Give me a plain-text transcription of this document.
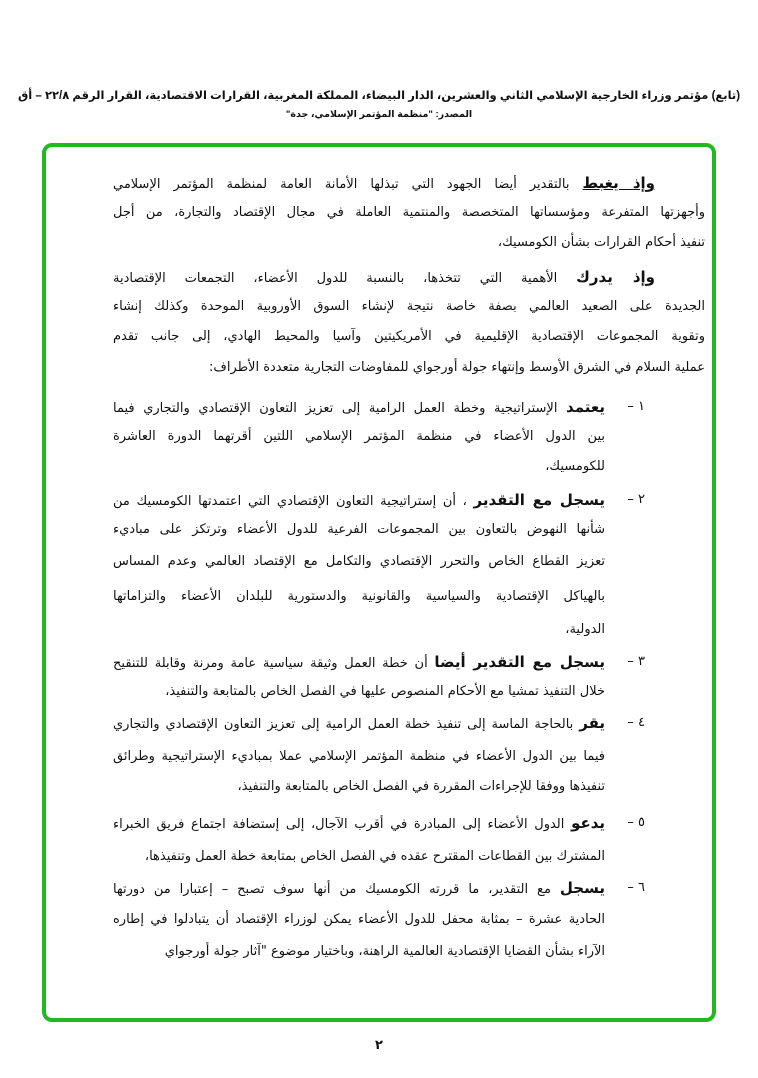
(تابع) مؤتمر وزراء الخارجية الإسلامي الثاني والعشرين، الدار البيضاء، المملكة المغربية، القرارات الاقتصادية، القرار الرقم ٢٢/٨ – أق
المصدر: "منظمة المؤتمر الإسلامي، جدة"
وإذ يغبط بالتقدير أيضا الجهود التي تبذلها الأمانة العامة لمنظمة المؤتمر الإسلامي
وأجهزتها المتفرعة ومؤسساتها المتخصصة والمنتمية العاملة في مجال الإقتصاد والتجارة، من أجل
تنفيذ أحكام القرارات بشأن الكومسيك،
وإذ يدرك الأهمية التي تتخذها، بالنسبة للدول الأعضاء، التجمعات الإقتصادية
الجديدة على الصعيد العالمي بصفة خاصة نتيجة لإنشاء السوق الأوروبية الموحدة وكذلك إنشاء
وتقوية المجموعات الإقتصادية الإقليمية في الأمريكيتين وآسيا والمحيط الهادي، إلى جانب تقدم
عملية السلام في الشرق الأوسط وإنتهاء جولة أورجواي للمفاوضات التجارية متعددة الأطراف:
١ –
يعتمد الإستراتيجية وخطة العمل الرامية إلى تعزيز التعاون الإقتصادي والتجاري فيما
بين الدول الأعضاء في منظمة المؤتمر الإسلامي اللتين أقرتهما الدورة العاشرة
للكومسيك،
٢ –
يسجل مع التقدير ، أن إستراتيجية التعاون الإقتصادي التي اعتمدتها الكومسيك من
شأنها النهوض بالتعاون بين المجموعات الفرعية للدول الأعضاء وترتكز على مباديء
تعزيز القطاع الخاص والتحرر الإقتصادي والتكامل مع الإقتصاد العالمي وعدم المساس
بالهياكل الإقتصادية والسياسية والقانونية والدستورية للبلدان الأعضاء والتزاماتها
الدولية،
٣ –
يسجل مع التقدير أيضا أن خطة العمل وثيقة سياسية عامة ومرنة وقابلة للتنقيح
خلال التنفيذ تمشيا مع الأحكام المنصوص عليها في الفصل الخاص بالمتابعة والتنفيذ،
٤ –
يقر بالحاجة الماسة إلى تنفيذ خطة العمل الرامية إلى تعزيز التعاون الإقتصادي والتجاري
فيما بين الدول الأعضاء في منظمة المؤتمر الإسلامي عملا بمباديء الإستراتيجية وطرائق
تنفيذها ووفقا للإجراءات المقررة في الفصل الخاص بالمتابعة والتنفيذ،
٥ –
يدعو الدول الأعضاء إلى المبادرة في أقرب الآجال، إلى إستضافة اجتماع فريق الخبراء
المشترك بين القطاعات المقترح عقده في الفصل الخاص بمتابعة خطة العمل وتنفيذها،
٦ –
يسجل مع التقدير، ما قررته الكومسيك من أنها سوف تصبح – إعتبارا من دورتها
الحادية عشرة – بمثابة محفل للدول الأعضاء يمكن لوزراء الإقتصاد أن يتبادلوا في إطاره
الآراء بشأن القضايا الإقتصادية العالمية الراهنة، وباختيار موضوع "آثار جولة أورجواي
٢
